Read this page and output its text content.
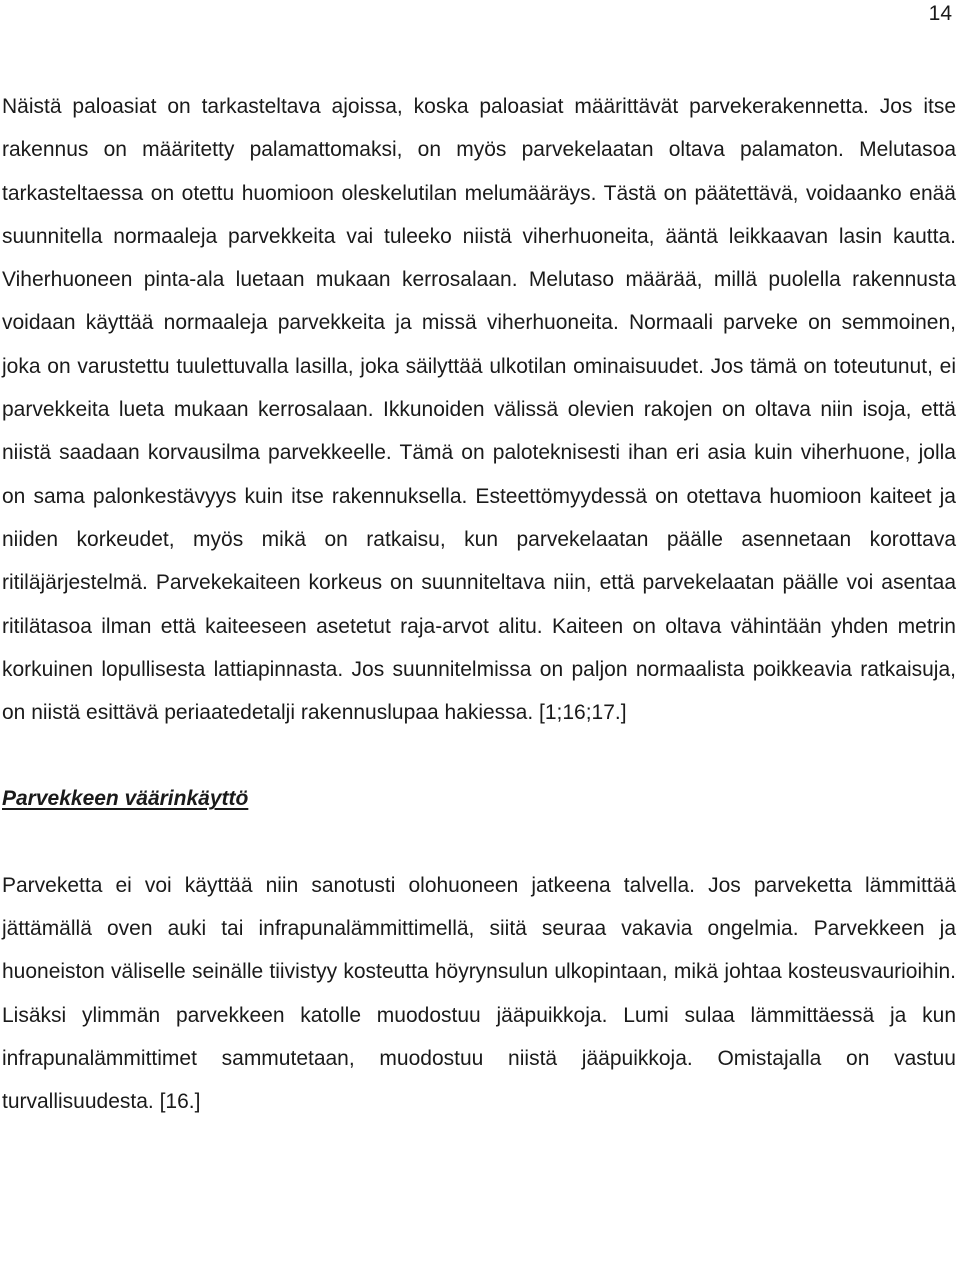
14

Näistä paloasiat on tarkasteltava ajoissa, koska paloasiat määrittävät parvekerakennetta. Jos itse rakennus on määritetty palamattomaksi, on myös parvekelaatan oltava palamaton. Melutasoa tarkasteltaessa on otettu huomioon oleskelutilan melumääräys. Tästä on päätettävä, voidaanko enää suunnitella normaaleja parvekkeita vai tuleeko niistä viherhuoneita, ääntä leikkaavan lasin kautta. Viherhuoneen pinta-ala luetaan mukaan kerrosalaan. Melutaso määrää, millä puolella rakennusta voidaan käyttää normaaleja parvekkeita ja missä viherhuoneita. Normaali parveke on semmoinen, joka on varustettu tuulettuvalla lasilla, joka säilyttää ulkotilan ominaisuudet. Jos tämä on toteutunut, ei parvekkeita lueta mukaan kerrosalaan. Ikkunoiden välissä olevien rakojen on oltava niin isoja, että niistä saadaan korvausilma parvekkeelle. Tämä on paloteknisesti ihan eri asia kuin viherhuone, jolla on sama palonkestävyys kuin itse rakennuksella. Esteettömyydessä on otettava huomioon kaiteet ja niiden korkeudet, myös mikä on ratkaisu, kun parvekelaatan päälle asennetaan korottava ritiläjärjestelmä. Parvekekaiteen korkeus on suunniteltava niin, että parvekelaatan päälle voi asentaa ritilätasoa ilman että kaiteeseen asetetut raja-arvot alitu. Kaiteen on oltava vähintään yhden metrin korkuinen lopullisesta lattiapinnasta. Jos suunnitelmissa on paljon normaalista poikkeavia ratkaisuja, on niistä esittävä periaatedetalji rakennuslupaa hakiessa. [1;16;17.]

Parvekkeen väärinkäyttö

Parveketta ei voi käyttää niin sanotusti olohuoneen jatkeena talvella. Jos parveketta lämmittää jättämällä oven auki tai infrapunalämmittimellä, siitä seuraa vakavia ongelmia. Parvekkeen ja huoneiston väliselle seinälle tiivistyy kosteutta höyrynsulun ulkopintaan, mikä johtaa kosteusvaurioihin. Lisäksi ylimmän parvekkeen katolle muodostuu jääpuikkoja. Lumi sulaa lämmittäessä ja kun infrapunalämmittimet sammutetaan, muodostuu niistä jääpuikkoja. Omistajalla on vastuu turvallisuudesta. [16.]
